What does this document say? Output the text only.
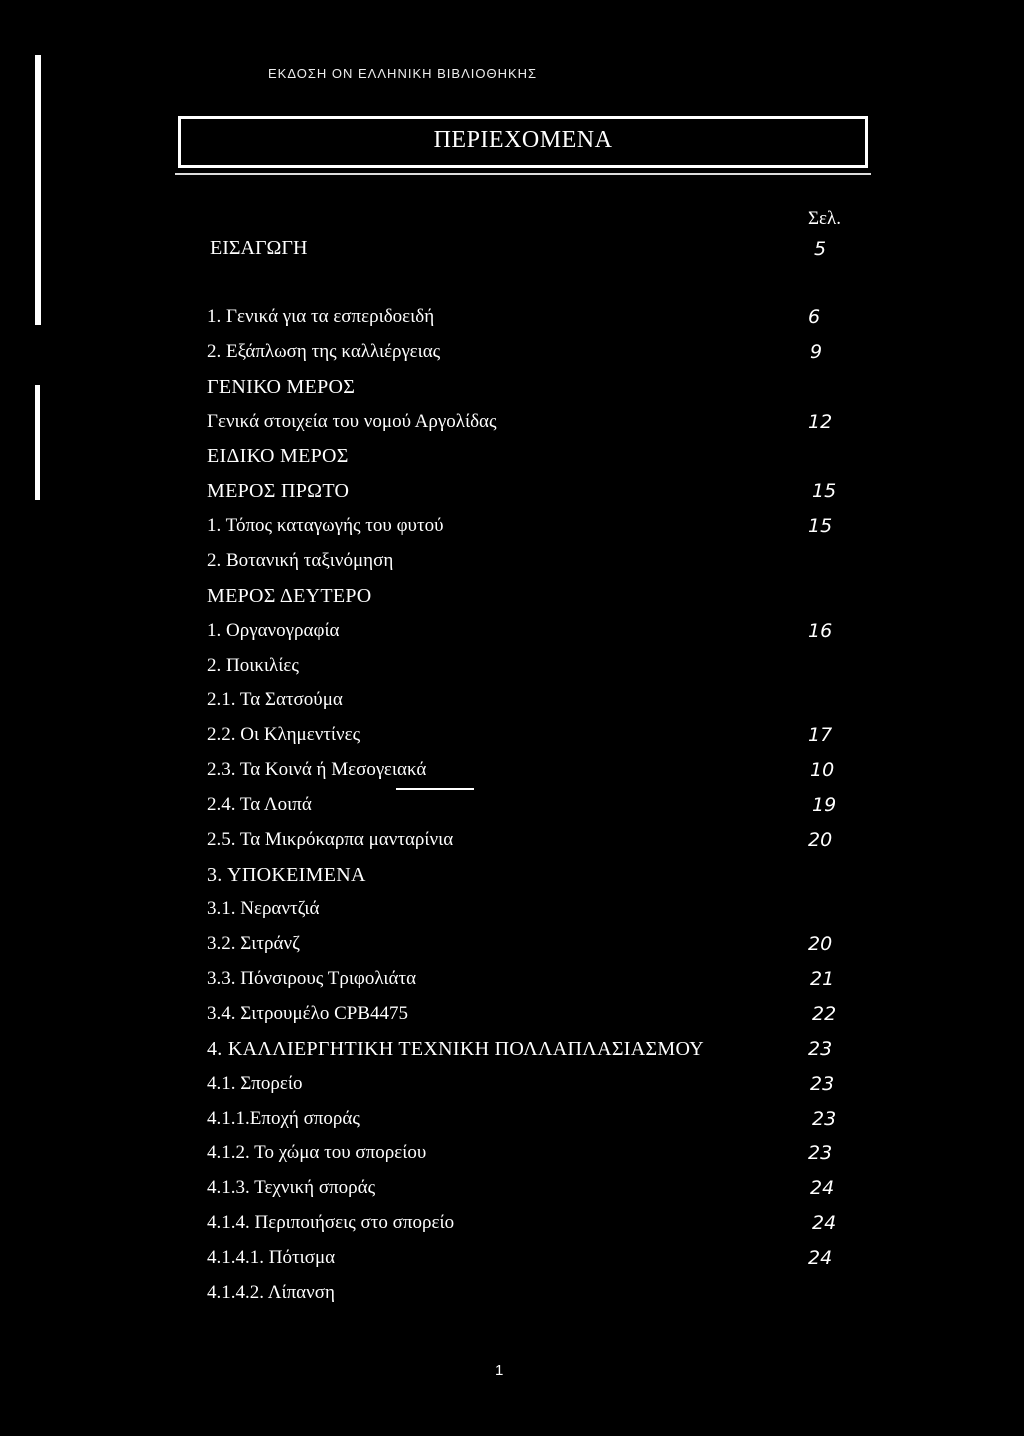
ΕΚΔΟΣΗ ΟΝ ΕΛΛΗΝΙΚΗ ΒΙΒΛΙΟΘΗΚΗΣ
ΠΕΡΙΕΧΟΜΕΝΑ
Σελ.
ΕΙΣΑΓΩΓΗ	5
1. Γενικά για τα εσπεριδοειδή	6
2. Εξάπλωση της καλλιέργειας	9
ΓΕΝΙΚΟ ΜΕΡΟΣ
Γενικά στοιχεία του νομού Αργολίδας	12
ΕΙΔΙΚΟ ΜΕΡΟΣ
ΜΕΡΟΣ ΠΡΩΤΟ	15
1. Τόπος καταγωγής του φυτού	15
2. Βοτανική ταξινόμηση
ΜΕΡΟΣ ΔΕΥΤΕΡΟ
1. Οργανογραφία	16
2. Ποικιλίες
2.1. Τα Σατσούμα
2.2. Οι Κλημεντίνες	17
2.3. Τα Κοινά ή Μεσογειακά	10
2.4. Τα Λοιπά	19
2.5. Τα Μικρόκαρπα μανταρίνια	20
3. ΥΠΟΚΕΙΜΕΝΑ
3.1. Νεραντζιά
3.2. Σιτράνζ	20
3.3. Πόνσιρους Τριφολιάτα	21
3.4. Σιτρουμέλο CPB4475	22
4. ΚΑΛΛΙΕΡΓΗΤΙΚΗ ΤΕΧΝΙΚΗ ΠΟΛΛΑΠΛΑΣΙΑΣΜΟΥ	23
4.1. Σπορείο	23
4.1.1.Εποχή σποράς	23
4.1.2. Το χώμα του σπορείου	23
4.1.3. Τεχνική σποράς	24
4.1.4. Περιποιήσεις στο σπορείο	24
4.1.4.1. Πότισμα	24
4.1.4.2. Λίπανση
1
